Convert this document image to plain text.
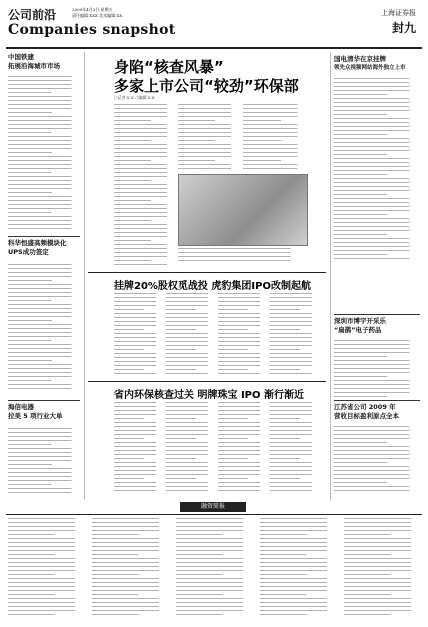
公司前沿	2009年4月3日 星期五
责任编辑:XXX 美术编辑:XX
Companies snapshot
上海证券报
封九
中国铁建
拓展沿海城市市场
科华恒盛高频模块化
UPS成功签定
海信电器
拉美 5 项行业大单
身陷“核查风暴”
多家上市公司“较劲”环保部
○记者 X X ○编辑 X X
国电清华在京挂牌
领先众视频网站海外独立上市
深圳市博宇开采乐
“扁鹊”电子药品
江苏省公司 2009 年
营收目标盈利原点全本
挂牌20%股权觅战投 虎豹集团IPO改制起航
省内环保核查过关 明牌珠宝 IPO 渐行渐近
融资简报
